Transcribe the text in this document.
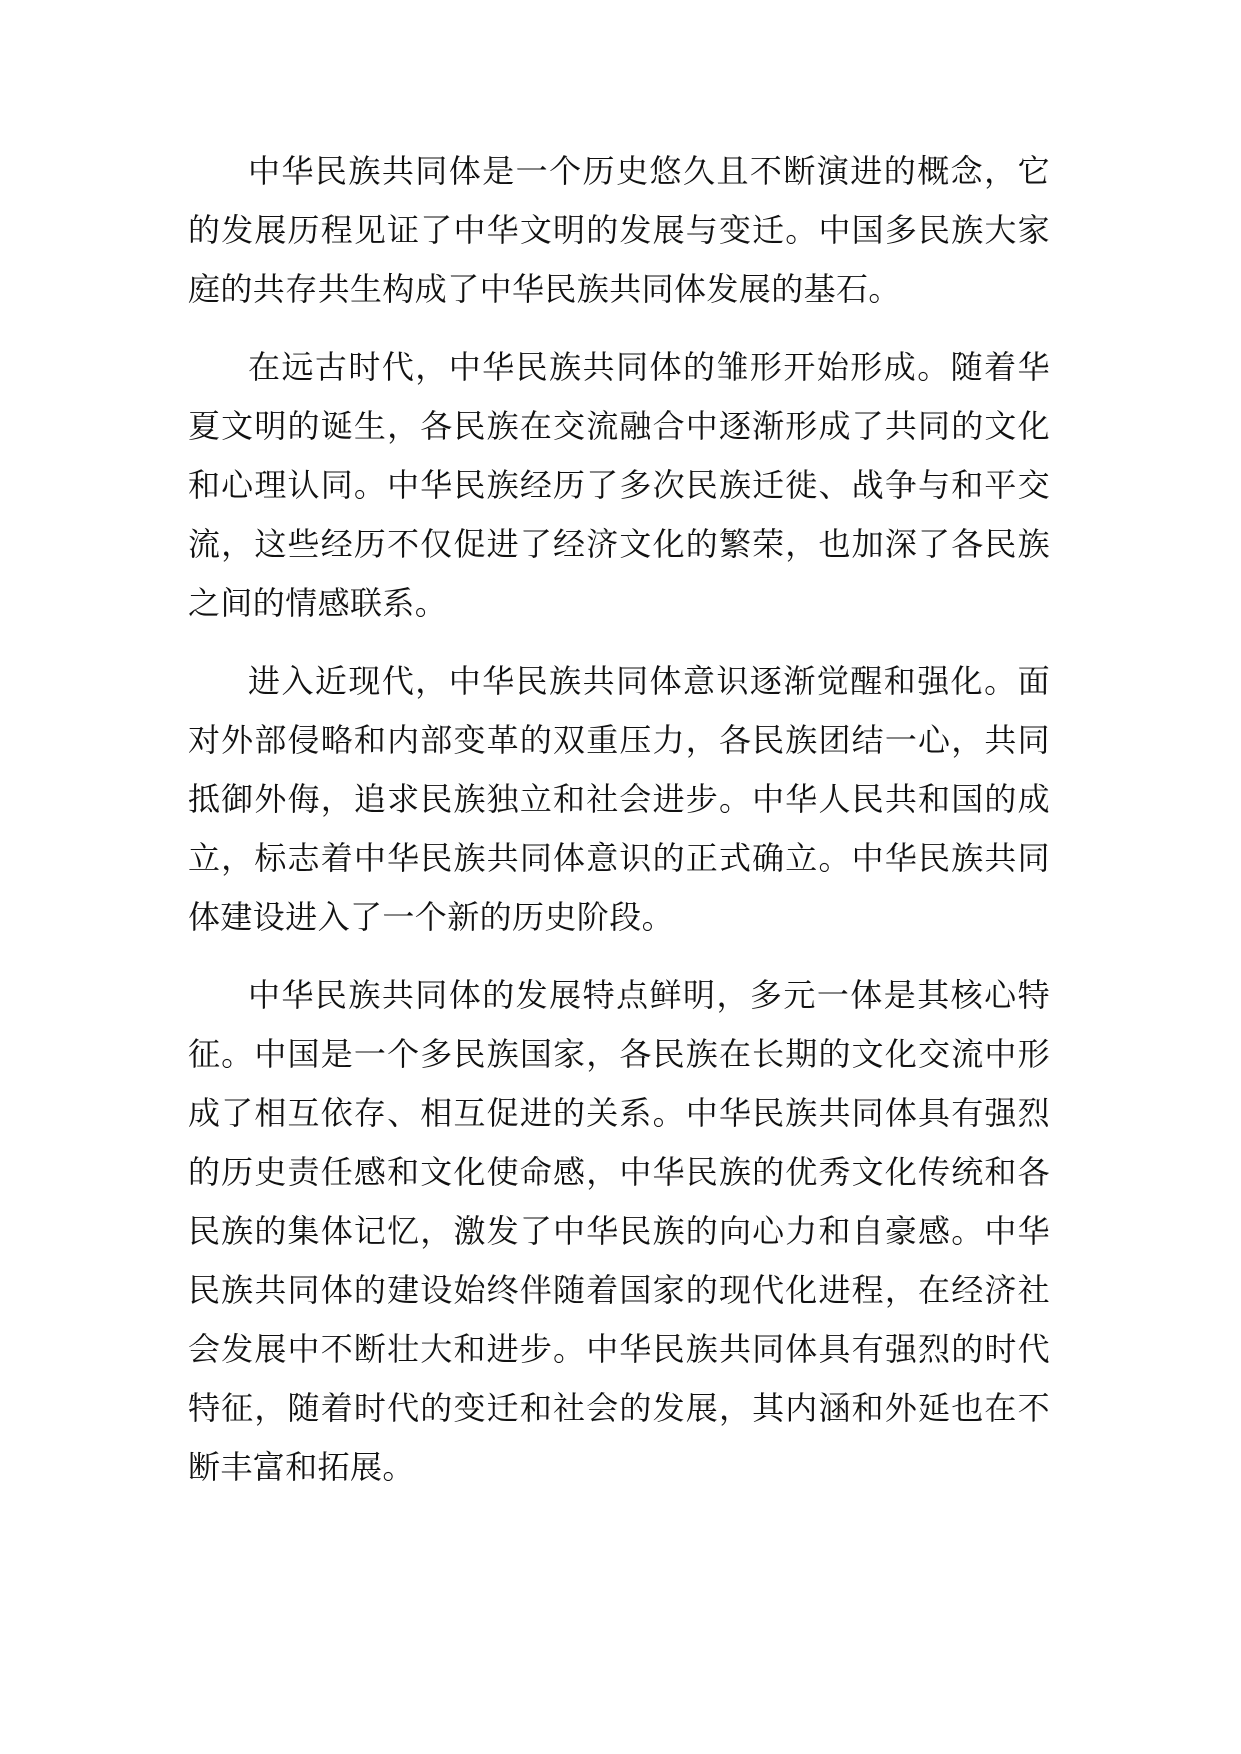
中华民族共同体是一个历史悠久且不断演进的概念，它的发展历程见证了中华文明的发展与变迁。中国多民族大家庭的共存共生构成了中华民族共同体发展的基石。

在远古时代，中华民族共同体的雏形开始形成。随着华夏文明的诞生，各民族在交流融合中逐渐形成了共同的文化和心理认同。中华民族经历了多次民族迁徙、战争与和平交流，这些经历不仅促进了经济文化的繁荣，也加深了各民族之间的情感联系。

进入近现代，中华民族共同体意识逐渐觉醒和强化。面对外部侵略和内部变革的双重压力，各民族团结一心，共同抵御外侮，追求民族独立和社会进步。中华人民共和国的成立，标志着中华民族共同体意识的正式确立。中华民族共同体建设进入了一个新的历史阶段。

中华民族共同体的发展特点鲜明，多元一体是其核心特征。中国是一个多民族国家，各民族在长期的文化交流中形成了相互依存、相互促进的关系。中华民族共同体具有强烈的历史责任感和文化使命感，中华民族的优秀文化传统和各民族的集体记忆，激发了中华民族的向心力和自豪感。中华民族共同体的建设始终伴随着国家的现代化进程，在经济社会发展中不断壮大和进步。中华民族共同体具有强烈的时代特征，随着时代的变迁和社会的发展，其内涵和外延也在不断丰富和拓展。
